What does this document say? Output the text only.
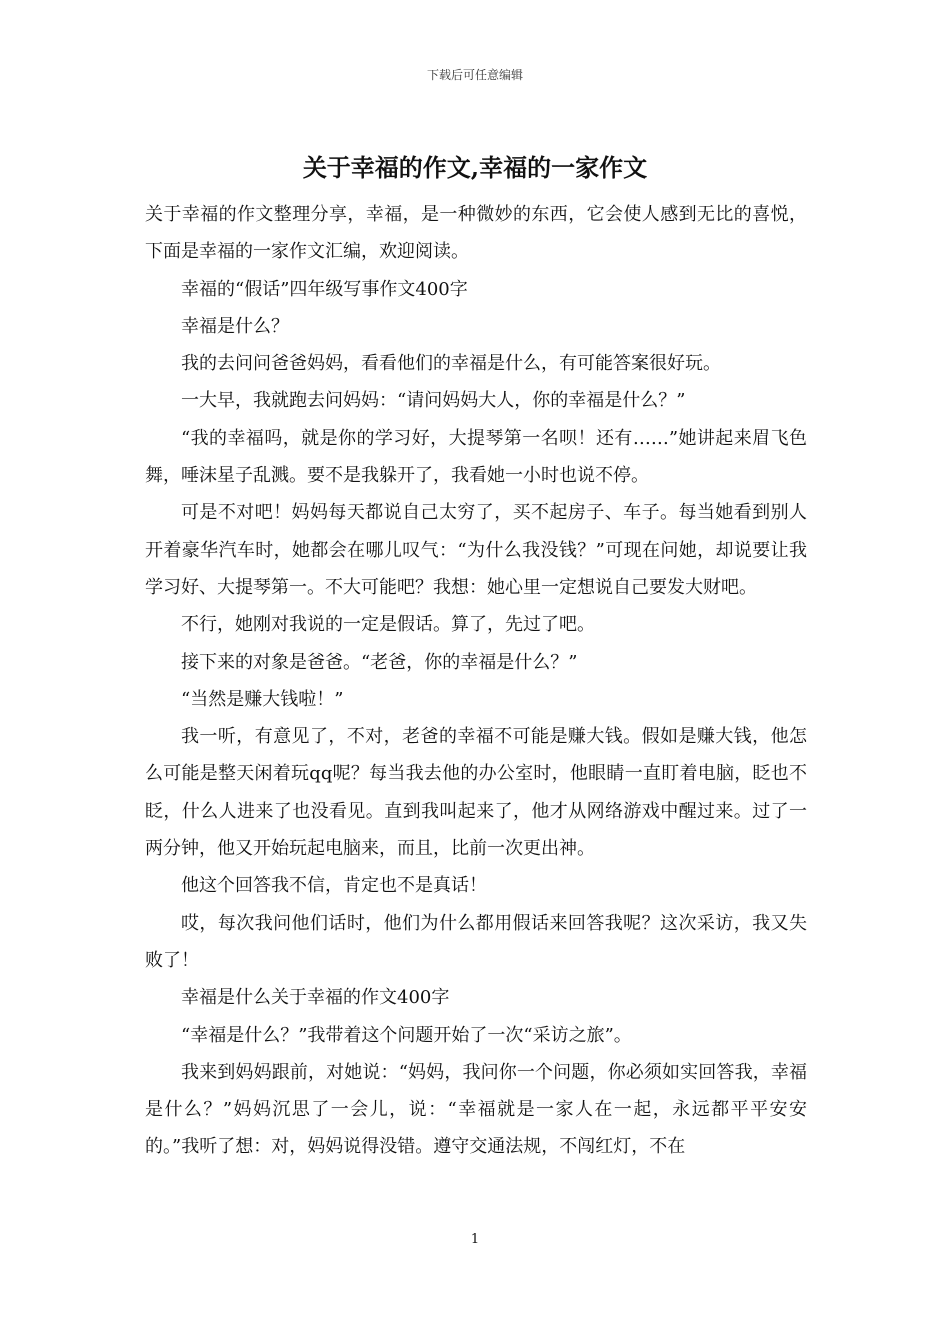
下载后可任意编辑
关于幸福的作文,幸福的一家作文

关于幸福的作文整理分享，幸福，是一种微妙的东西，它会使人感到无比的喜悦，下面是幸福的一家作文汇编，欢迎阅读。

幸福的“假话”四年级写事作文400字

幸福是什么？

我的去问问爸爸妈妈，看看他们的幸福是什么，有可能答案很好玩。

一大早，我就跑去问妈妈：“请问妈妈大人，你的幸福是什么？”

“我的幸福吗，就是你的学习好，大提琴第一名呗！还有……”她讲起来眉飞色舞，唾沫星子乱溅。要不是我躲开了，我看她一小时也说不停。

可是不对吧！妈妈每天都说自己太穷了，买不起房子、车子。每当她看到别人开着豪华汽车时，她都会在哪儿叹气：“为什么我没钱？”可现在问她，却说要让我学习好、大提琴第一。不大可能吧？我想：她心里一定想说自己要发大财吧。

不行，她刚对我说的一定是假话。算了，先过了吧。

接下来的对象是爸爸。“老爸，你的幸福是什么？”

“当然是赚大钱啦！”

我一听，有意见了，不对，老爸的幸福不可能是赚大钱。假如是赚大钱，他怎么可能是整天闲着玩qq呢？每当我去他的办公室时，他眼睛一直盯着电脑，眨也不眨，什么人进来了也没看见。直到我叫起来了，他才从网络游戏中醒过来。过了一两分钟，他又开始玩起电脑来，而且，比前一次更出神。

他这个回答我不信，肯定也不是真话！

哎，每次我问他们话时，他们为什么都用假话来回答我呢？这次采访，我又失败了！

幸福是什么关于幸福的作文400字

“幸福是什么？”我带着这个问题开始了一次“采访之旅”。

我来到妈妈跟前，对她说：“妈妈，我问你一个问题，你必须如实回答我，幸福是什么？”妈妈沉思了一会儿，说：“幸福就是一家人在一起，永远都平平安安的。”我听了想：对，妈妈说得没错。遵守交通法规，不闯红灯，不在

1
